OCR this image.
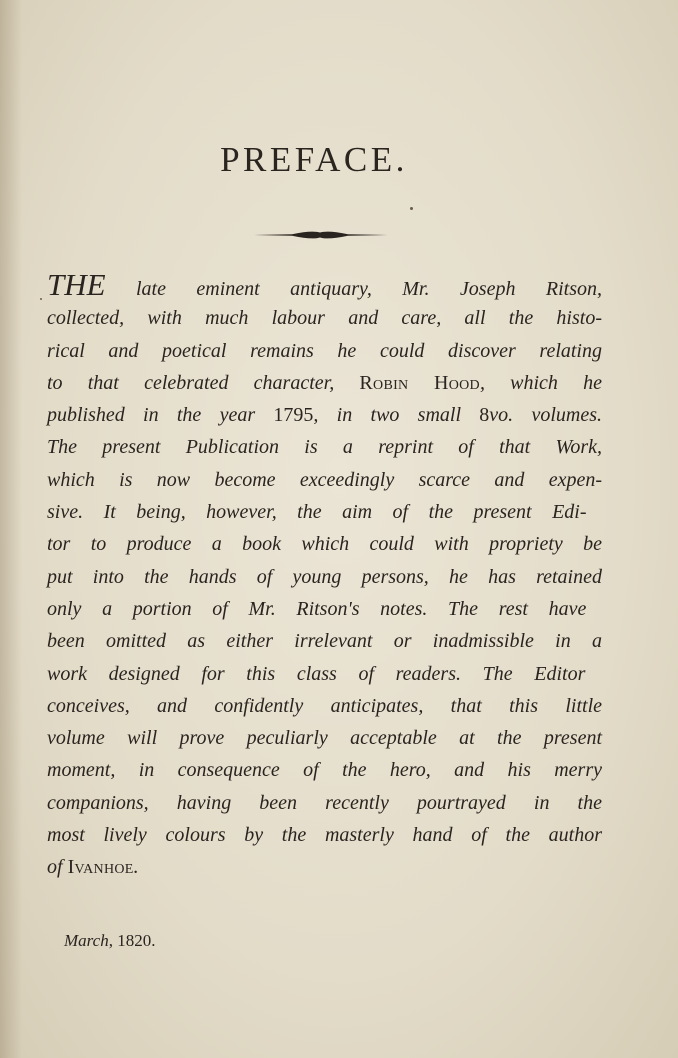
PREFACE.
THE late eminent antiquary, Mr. Joseph Ritson,
collected, with much labour and care, all the histo-
rical and poetical remains he could discover relating
to that celebrated character, Robin Hood, which he
published in the year 1795, in two small 8vo. volumes.
The present Publication is a reprint of that Work,
which is now become exceedingly scarce and expen-
sive. It being, however, the aim of the present Edi-
tor to produce a book which could with propriety be
put into the hands of young persons, he has retained
only a portion of Mr. Ritson's notes. The rest have
been omitted as either irrelevant or inadmissible in a
work designed for this class of readers. The Editor
conceives, and confidently anticipates, that this little
volume will prove peculiarly acceptable at the present
moment, in consequence of the hero, and his merry
companions, having been recently pourtrayed in the
most lively colours by the masterly hand of the author
of Ivanhoe.
March, 1820.
